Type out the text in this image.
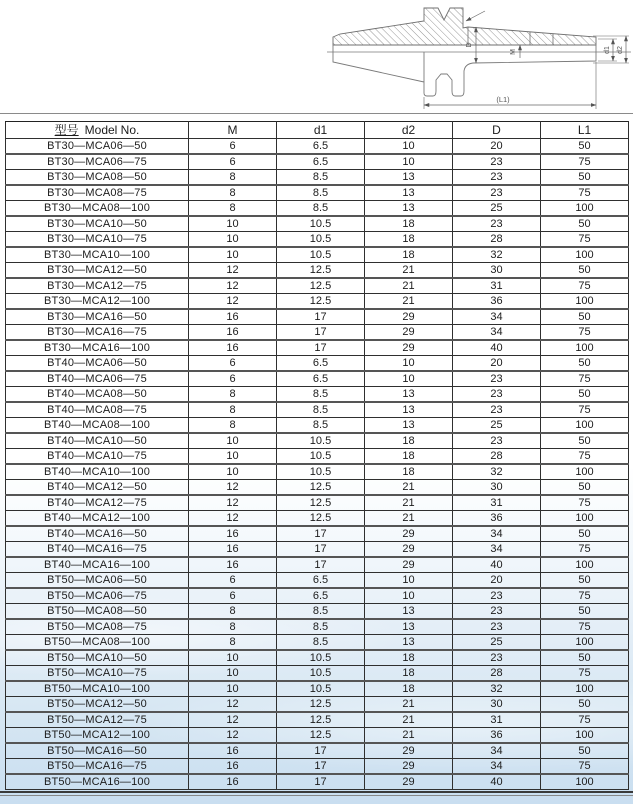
D
M	d1 d2
(L1)
型号 Model No.	M	d1	d2	D	L1
BT30—MCA06—50	6	6.5	10	20	50
BT30—MCA06—75	6	6.5	10	23	75
BT30—MCA08—50	8	8.5	13	23	50
BT30—MCA08—75	8	8.5	13	23	75
BT30—MCA08—100	8	8.5	13	25	100
BT30—MCA10—50	10	10.5	18	23	50
BT30—MCA10—75	10	10.5	18	28	75
BT30—MCA10—100	10	10.5	18	32	100
BT30—MCA12—50	12	12.5	21	30	50
BT30—MCA12—75	12	12.5	21	31	75
BT30—MCA12—100	12	12.5	21	36	100
BT30—MCA16—50	16	17	29	34	50
BT30—MCA16—75	16	17	29	34	75
BT30—MCA16—100	16	17	29	40	100
BT40—MCA06—50	6	6.5	10	20	50
BT40—MCA06—75	6	6.5	10	23	75
BT40—MCA08—50	8	8.5	13	23	50
BT40—MCA08—75	8	8.5	13	23	75
BT40—MCA08—100	8	8.5	13	25	100
BT40—MCA10—50	10	10.5	18	23	50
BT40—MCA10—75	10	10.5	18	28	75
BT40—MCA10—100	10	10.5	18	32	100
BT40—MCA12—50	12	12.5	21	30	50
BT40—MCA12—75	12	12.5	21	31	75
BT40—MCA12—100	12	12.5	21	36	100
BT40—MCA16—50	16	17	29	34	50
BT40—MCA16—75	16	17	29	34	75
BT40—MCA16—100	16	17	29	40	100
BT50—MCA06—50	6	6.5	10	20	50
BT50—MCA06—75	6	6.5	10	23	75
BT50—MCA08—50	8	8.5	13	23	50
BT50—MCA08—75	8	8.5	13	23	75
BT50—MCA08—100	8	8.5	13	25	100
BT50—MCA10—50	10	10.5	18	23	50
BT50—MCA10—75	10	10.5	18	28	75
BT50—MCA10—100	10	10.5	18	32	100
BT50—MCA12—50	12	12.5	21	30	50
BT50—MCA12—75	12	12.5	21	31	75
BT50—MCA12—100	12	12.5	21	36	100
BT50—MCA16—50	16	17	29	34	50
BT50—MCA16—75	16	17	29	34	75
BT50—MCA16—100	16	17	29	40	100
